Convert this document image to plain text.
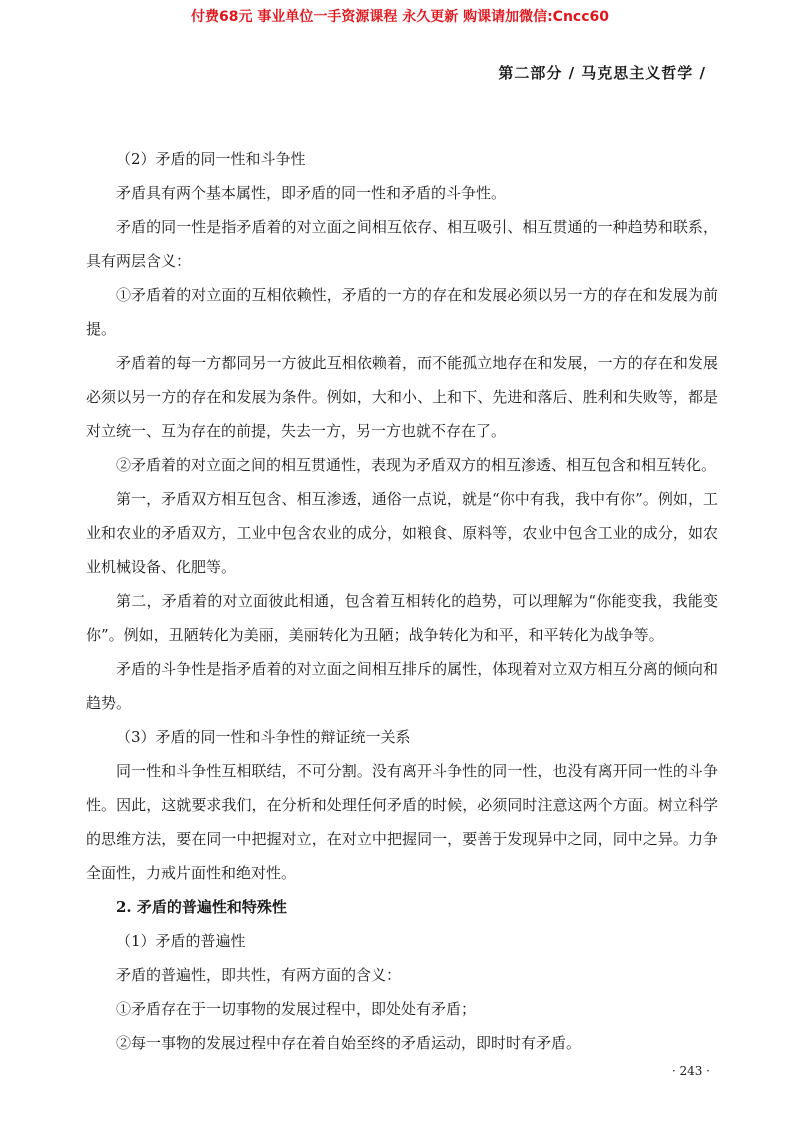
付费68元 事业单位一手资源课程 永久更新 购课请加微信:Cncc60
第二部分 / 马克思主义哲学 /

（2）矛盾的同一性和斗争性

矛盾具有两个基本属性，即矛盾的同一性和矛盾的斗争性。

矛盾的同一性是指矛盾着的对立面之间相互依存、相互吸引、相互贯通的一种趋势和联系，具有两层含义：

①矛盾着的对立面的互相依赖性，矛盾的一方的存在和发展必须以另一方的存在和发展为前提。

矛盾着的每一方都同另一方彼此互相依赖着，而不能孤立地存在和发展，一方的存在和发展必须以另一方的存在和发展为条件。例如，大和小、上和下、先进和落后、胜利和失败等，都是对立统一、互为存在的前提，失去一方，另一方也就不存在了。

②矛盾着的对立面之间的相互贯通性，表现为矛盾双方的相互渗透、相互包含和相互转化。

第一，矛盾双方相互包含、相互渗透，通俗一点说，就是“你中有我，我中有你”。例如，工业和农业的矛盾双方，工业中包含农业的成分，如粮食、原料等，农业中包含工业的成分，如农业机械设备、化肥等。

第二，矛盾着的对立面彼此相通，包含着互相转化的趋势，可以理解为“你能变我，我能变你”。例如，丑陋转化为美丽，美丽转化为丑陋；战争转化为和平，和平转化为战争等。

矛盾的斗争性是指矛盾着的对立面之间相互排斥的属性，体现着对立双方相互分离的倾向和趋势。

（3）矛盾的同一性和斗争性的辩证统一关系

同一性和斗争性互相联结，不可分割。没有离开斗争性的同一性，也没有离开同一性的斗争性。因此，这就要求我们，在分析和处理任何矛盾的时候，必须同时注意这两个方面。树立科学的思维方法，要在同一中把握对立，在对立中把握同一，要善于发现异中之同，同中之异。力争全面性，力戒片面性和绝对性。

2. 矛盾的普遍性和特殊性

（1）矛盾的普遍性

矛盾的普遍性，即共性，有两方面的含义：

①矛盾存在于一切事物的发展过程中，即处处有矛盾；

②每一事物的发展过程中存在着自始至终的矛盾运动，即时时有矛盾。

· 243 ·
